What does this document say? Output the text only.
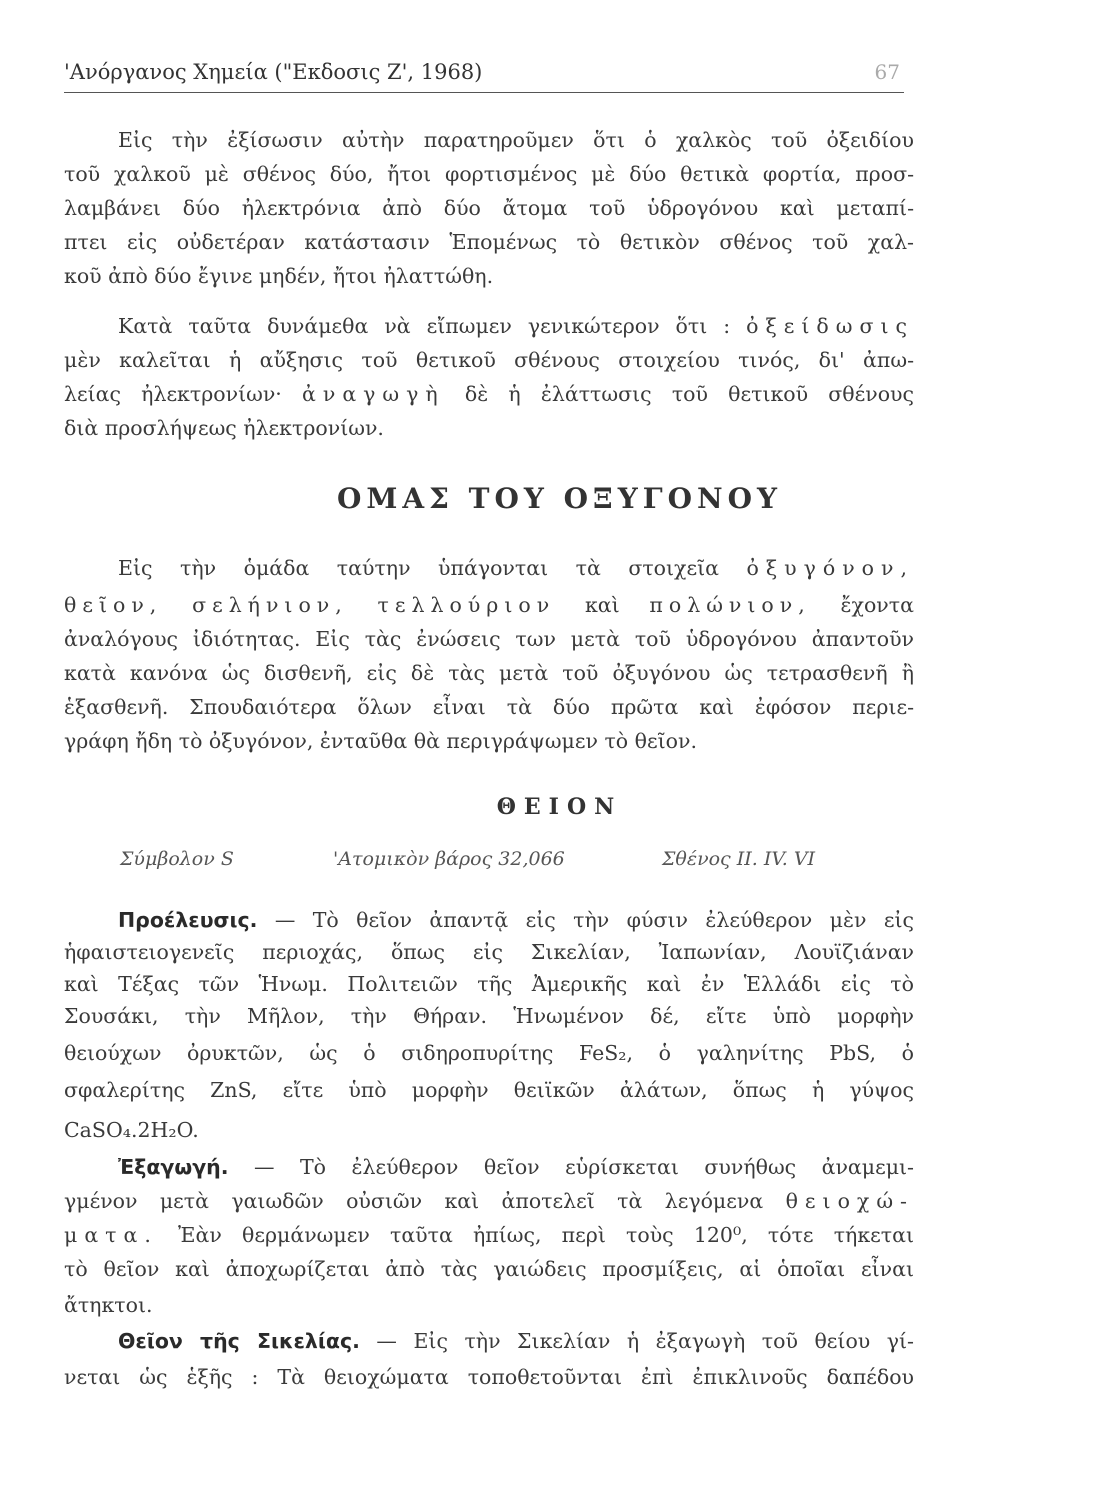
'Ανόργανος Χημεία ("Εκδοσις Ζ', 1968)	67
Εἰς τὴν ἐξίσωσιν αὐτὴν παρατηροῦμεν ὅτι ὁ χαλκὸς τοῦ ὀξειδίου
τοῦ χαλκοῦ μὲ σθένος δύο, ἤτοι φορτισμένος μὲ δύο θετικὰ φορτία, προσ-
λαμβάνει δύο ἠλεκτρόνια ἀπὸ δύο ἄτομα τοῦ ὑδρογόνου καὶ μεταπί-
πτει εἰς οὐδετέραν κατάστασιν Ἑπομένως τὸ θετικὸν σθένος τοῦ χαλ-
κοῦ ἀπὸ δύο ἔγινε μηδέν, ἤτοι ἠλαττώθη.
Κατὰ ταῦτα δυνάμεθα νὰ εἴπωμεν γενικώτερον ὅτι : ὀξείδωσις
μὲν καλεῖται ἡ αὔξησις τοῦ θετικοῦ σθένους στοιχείου τινός, δι' ἀπω-
λείας ἠλεκτρονίων· ἀναγωγὴ δὲ ἡ ἐλάττωσις τοῦ θετικοῦ σθένους
διὰ προσλήψεως ἠλεκτρονίων.
ΟΜΑΣ ΤΟΥ ΟΞΥΓΟΝΟΥ
Εἰς τὴν ὁμάδα ταύτην ὑπάγονται τὰ στοιχεῖα ὀξυγόνον,
θεῖον, σελήνιον, τελλούριον καὶ πολώνιον, ἔχοντα
ἀναλόγους ἰδιότητας. Εἰς τὰς ἐνώσεις των μετὰ τοῦ ὑδρογόνου ἀπαντοῦν
κατὰ κανόνα ὡς δισθενῆ, εἰς δὲ τὰς μετὰ τοῦ ὀξυγόνου ὡς τετρασθενῆ ἢ
ἑξασθενῆ. Σπουδαιότερα ὅλων εἶναι τὰ δύο πρῶτα καὶ ἐφόσον περιε-
γράφη ἤδη τὸ ὀξυγόνον, ἐνταῦθα θὰ περιγράψωμεν τὸ θεῖον.
ΘΕΙΟΝ
Σύμβολον S	'Ατομικὸν βάρος 32,066	Σθένος II. IV. VI
Προέλευσις. — Τὸ θεῖον ἀπαντᾷ εἰς τὴν φύσιν ἐλεύθερον μὲν εἰς
ἡφαιστειογενεῖς περιοχάς, ὅπως εἰς Σικελίαν, Ἰαπωνίαν, Λουϊζιάναν
καὶ Τέξας τῶν Ἡνωμ. Πολιτειῶν τῆς Ἀμερικῆς καὶ ἐν Ἑλλάδι εἰς τὸ
Σουσάκι, τὴν Μῆλον, τὴν Θήραν. Ἡνωμένον δέ, εἴτε ὑπὸ μορφὴν
θειούχων ὀρυκτῶν, ὡς ὁ σιδηροπυρίτης FeS₂, ὁ γαληνίτης PbS, ὁ
σφαλερίτης ZnS, εἴτε ὑπὸ μορφὴν θειϊκῶν ἀλάτων, ὅπως ἡ γύψος
CaSO₄.2H₂O.
Ἐξαγωγή. — Τὸ ἐλεύθερον θεῖον εὑρίσκεται συνήθως ἀναμεμι-
γμένον μετὰ γαιωδῶν οὐσιῶν καὶ ἀποτελεῖ τὰ λεγόμενα θειοχώ-
ματα. Ἐὰν θερμάνωμεν ταῦτα ἠπίως, περὶ τοὺς 120⁰, τότε τήκεται
τὸ θεῖον καὶ ἀποχωρίζεται ἀπὸ τὰς γαιώδεις προσμίξεις, αἱ ὁποῖαι εἶναι
ἄτηκτοι.
Θεῖον τῆς Σικελίας. — Εἰς τὴν Σικελίαν ἡ ἐξαγωγὴ τοῦ θείου γί-
νεται ὡς ἑξῆς : Τὰ θειοχώματα τοποθετοῦνται ἐπὶ ἐπικλινοῦς δαπέδου
